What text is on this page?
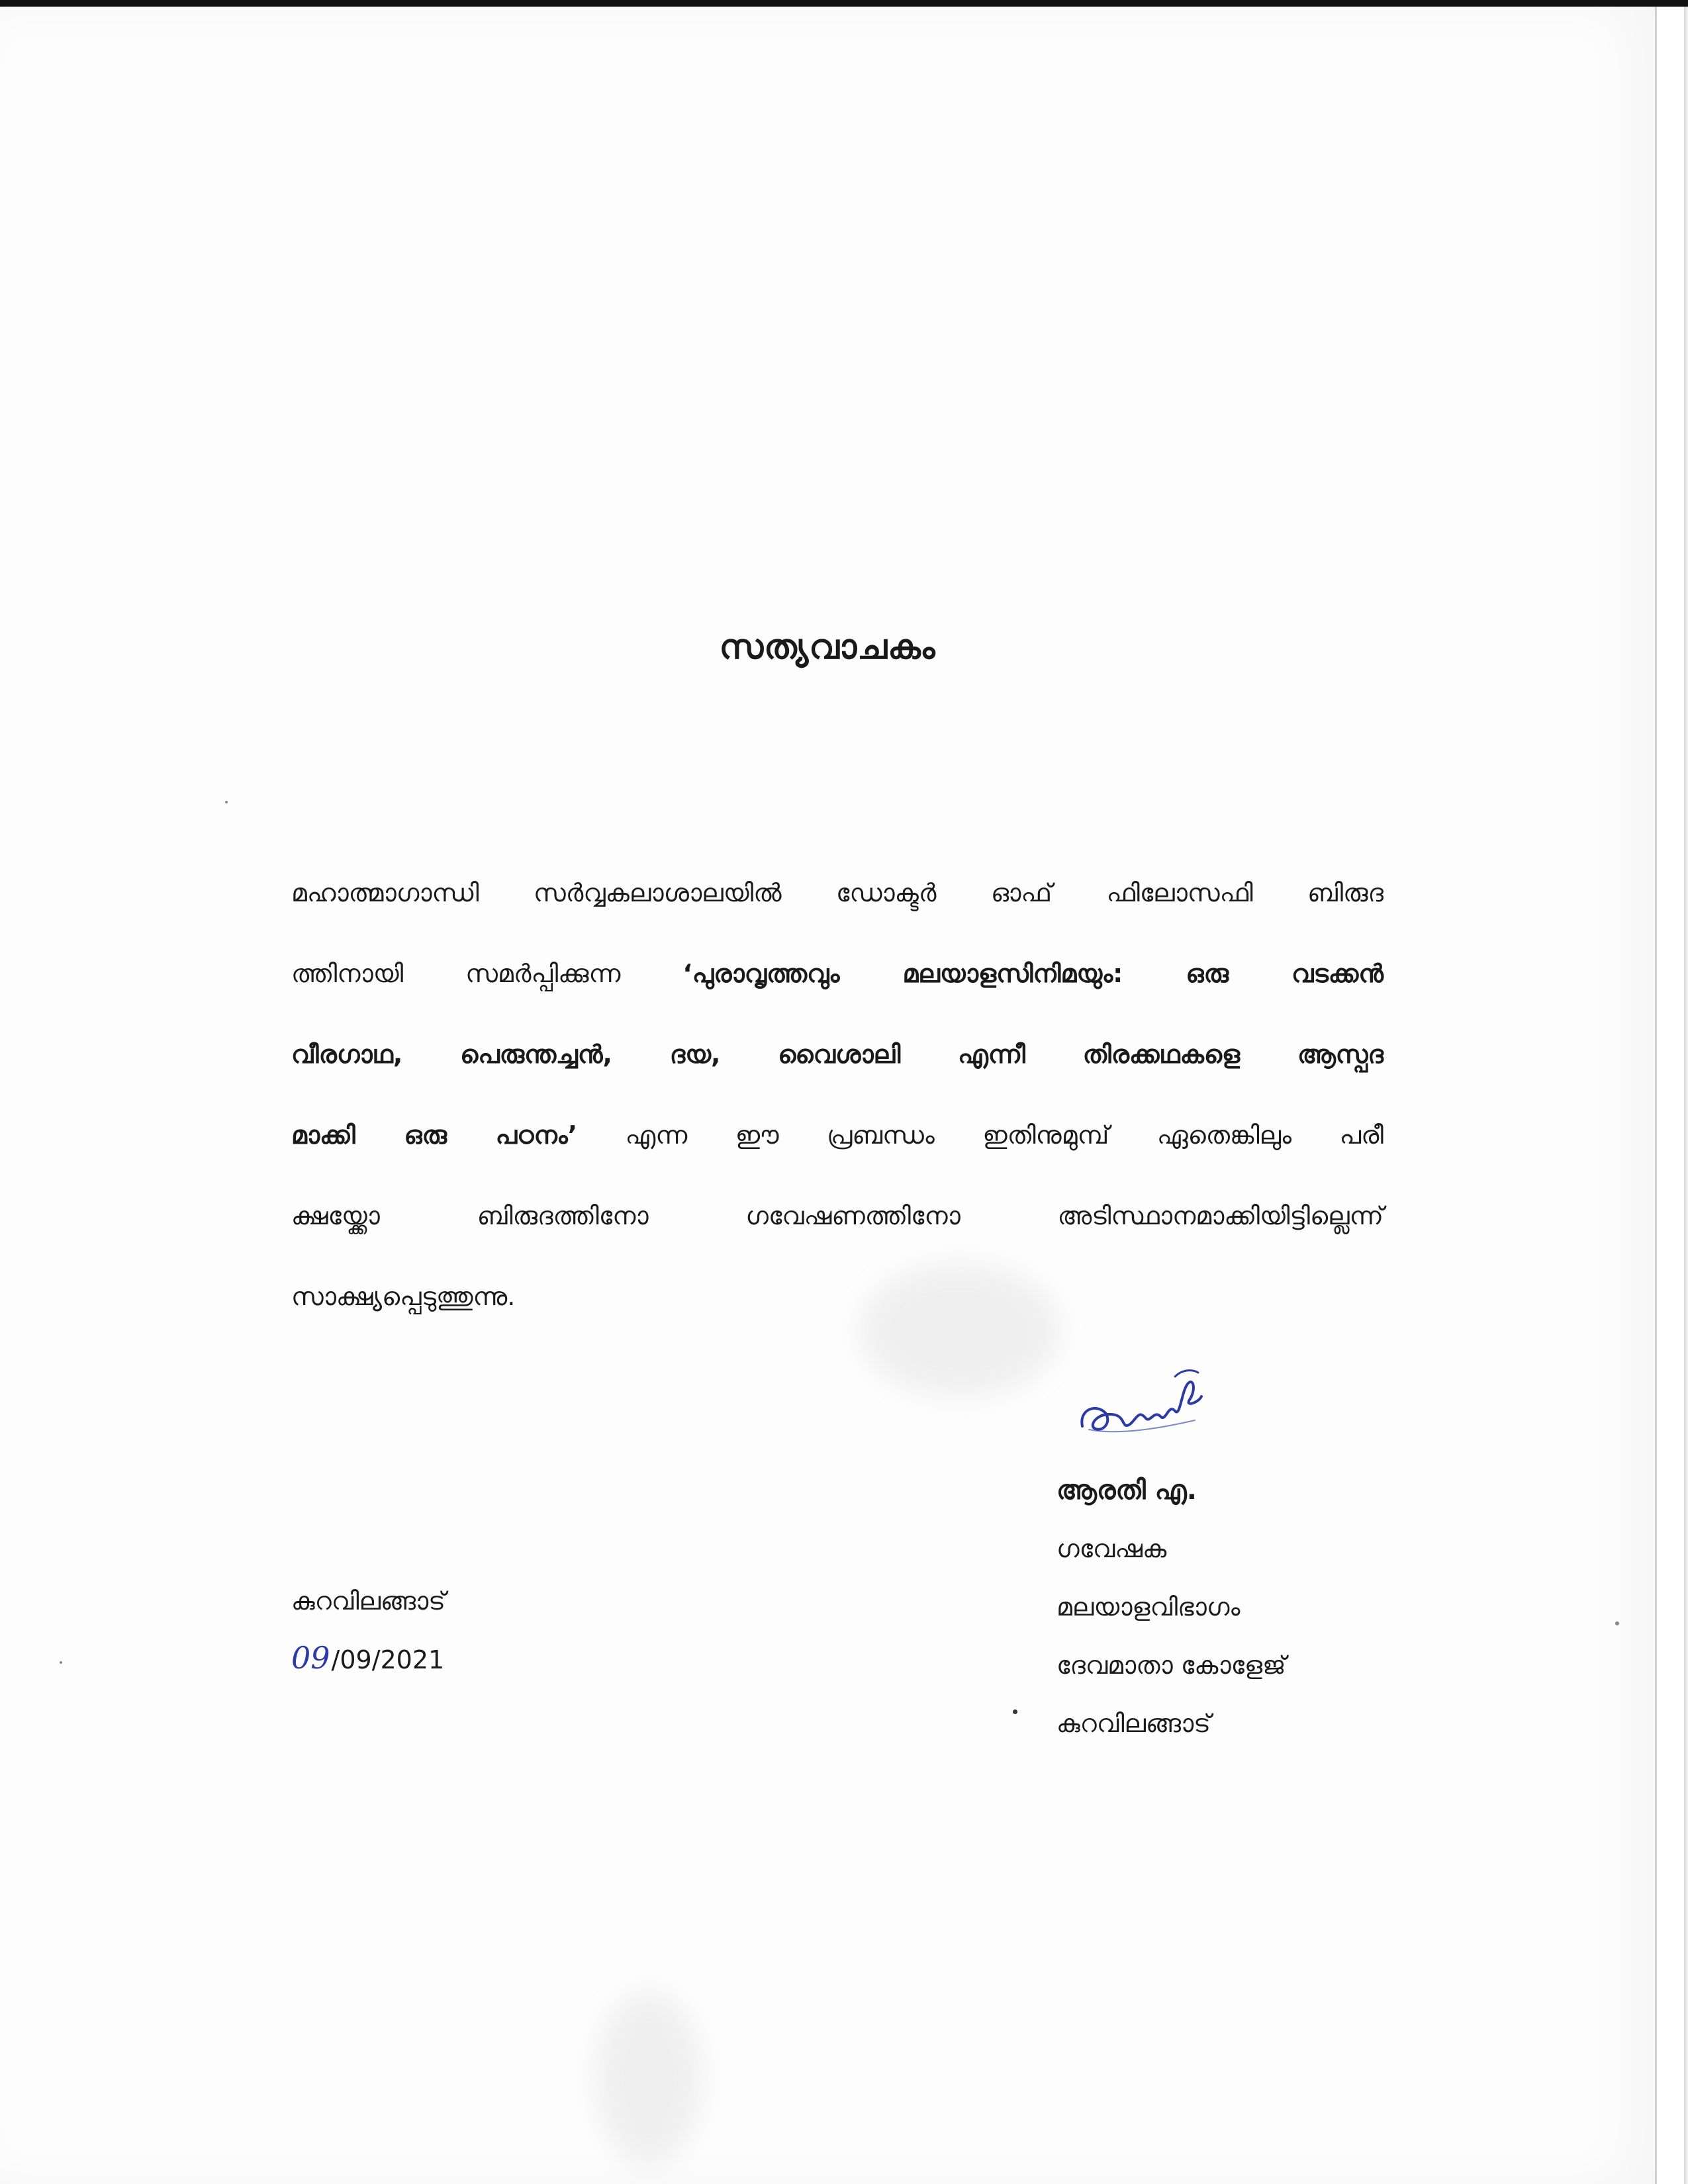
സത്യവാചകം
മഹാത്മാഗാന്ധി സർവ്വകലാശാലയിൽ ഡോക്ടർ ഓഫ് ഫിലോസഫി ബിരുദ
ത്തിനായി സമർപ്പിക്കുന്ന ‘പുരാവൃത്തവും മലയാളസിനിമയും: ഒരു വടക്കൻ
വീരഗാഥ, പെരുന്തച്ചൻ, ദയ, വൈശാലി എന്നീ തിരക്കഥകളെ ആസ്പദ
മാക്കി ഒരു പഠനം’ എന്ന ഈ പ്രബന്ധം ഇതിനുമുമ്പ് ഏതെങ്കിലും പരീ
ക്ഷയ്ക്കോ ബിരുദത്തിനോ ഗവേഷണത്തിനോ അടിസ്ഥാനമാക്കിയിട്ടില്ലെന്ന്
സാക്ഷ്യപ്പെടുത്തുന്നു.
ആരതി എ.
ഗവേഷക
മലയാളവിഭാഗം
ദേവമാതാ കോളേജ്
കുറവിലങ്ങാട്
കുറവിലങ്ങാട്
09 /09/2021
